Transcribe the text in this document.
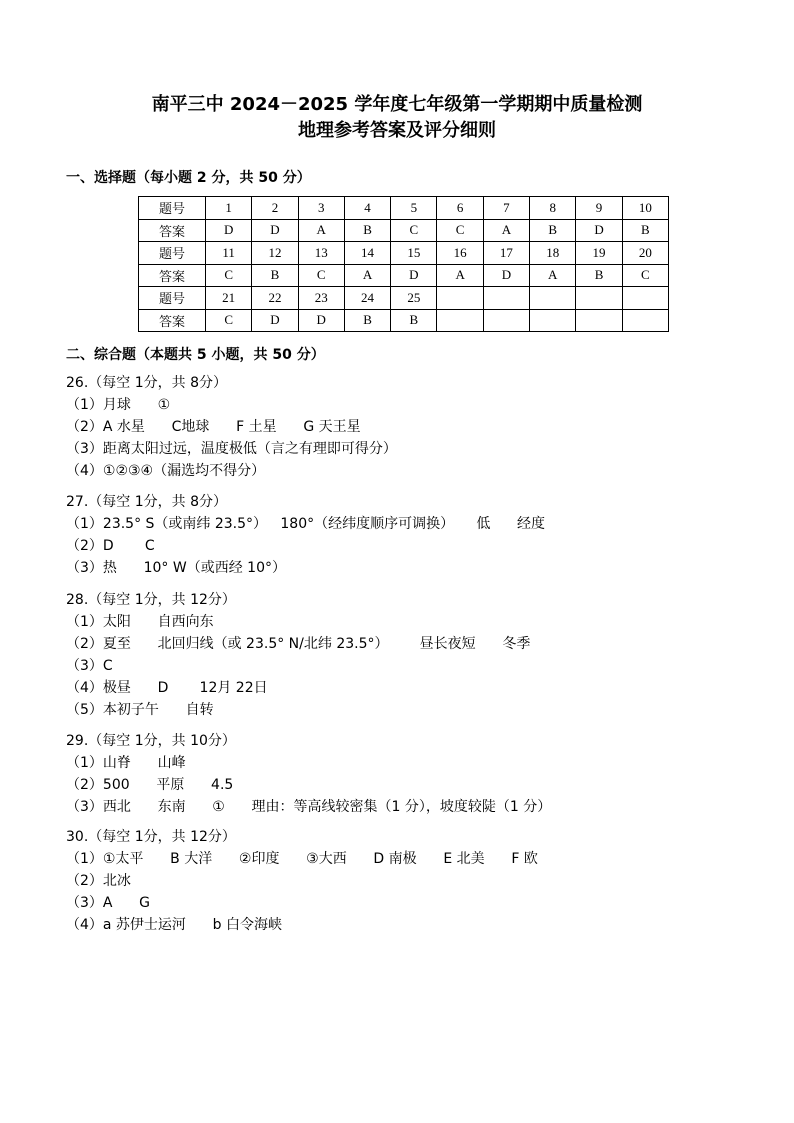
南平三中 2024－2025 学年度七年级第一学期期中质量检测
地理参考答案及评分细则
一、选择题（每小题 2 分，共 50 分）
题号	1	2	3	4	5	6	7	8	9	10
答案	D	D	A	B	C	C	A	B	D	B
题号	11	12	13	14	15	16	17	18	19	20
答案	C	B	C	A	D	A	D	A	B	C
题号	21	22	23	24	25					
答案	C	D	D	B	B					
二、综合题（本题共 5 小题，共 50 分）
26.（每空 1分，共 8分）
（1）月球      ①
（2）A 水星      C地球      F 土星      G 天王星
（3）距离太阳过远，温度极低（言之有理即可得分）
（4）①②③④（漏选均不得分）
27.（每空 1分，共 8分）
（1）23.5° S（或南纬 23.5°）   180°（经纬度顺序可调换）     低      经度
（2）D       C
（3）热      10° W（或西经 10°）
28.（每空 1分，共 12分）
（1）太阳      自西向东
（2）夏至      北回归线（或 23.5° N/北纬 23.5°）       昼长夜短      冬季
（3）C
（4）极昼      D       12月 22日
（5）本初子午      自转
29.（每空 1分，共 10分）
（1）山脊      山峰
（2）500      平原      4.5
（3）西北      东南      ①      理由：等高线较密集（1 分），坡度较陡（1 分）
30.（每空 1分，共 12分）
（1）①太平      B 大洋      ②印度      ③大西      D 南极      E 北美      F 欧
（2）北冰
（3）A      G
（4）a 苏伊士运河      b 白令海峡
